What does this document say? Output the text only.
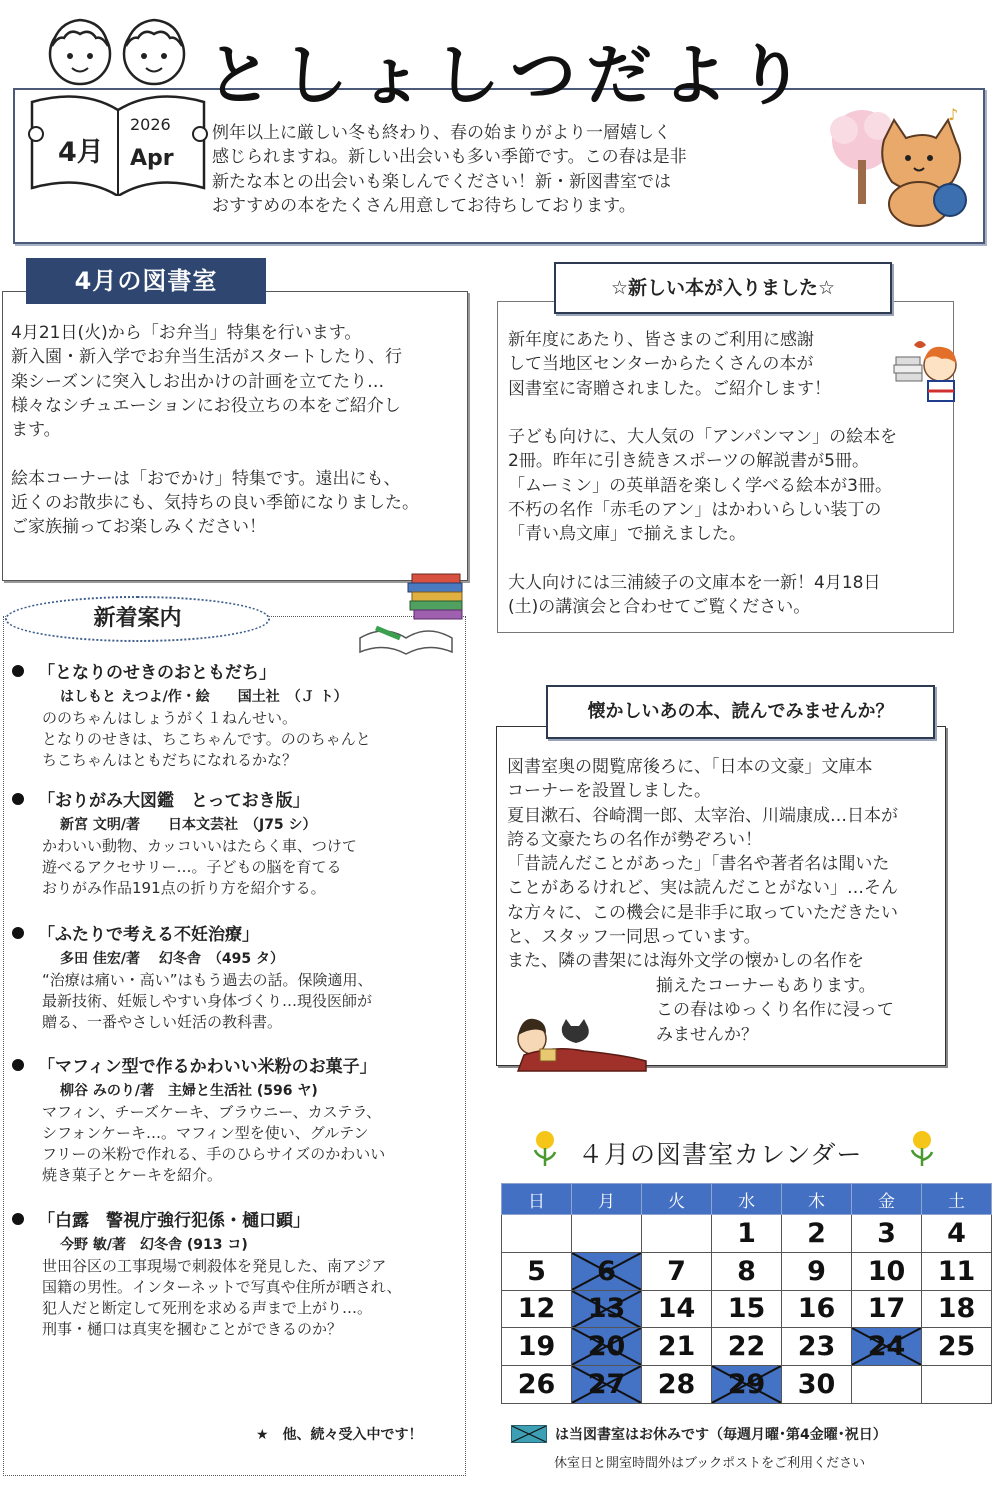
としょしつだより
4月
2026
Apr
例年以上に厳しい冬も終わり、春の始まりがより一層嬉しく
感じられますね。新しい出会いも多い季節です。この春は是非
新たな本との出会いも楽しんでください！新・新図書室では
おすすめの本をたくさん用意してお待ちしております。
♪
4月の図書室
4月21日(火)から「お弁当」特集を行います。
新入園・新入学でお弁当生活がスタートしたり、行
楽シーズンに突入しお出かけの計画を立てたり…
様々なシチュエーションにお役立ちの本をご紹介し
ます。

絵本コーナーは「おでかけ」特集です。遠出にも、
近くのお散歩にも、気持ちの良い季節になりました。
ご家族揃ってお楽しみください！
☆新しい本が入りました☆
新年度にあたり、皆さまのご利用に感謝
して当地区センターからたくさんの本が
図書室に寄贈されました。ご紹介します！

子ども向けに、大人気の「アンパンマン」の絵本を
2冊。昨年に引き続きスポーツの解説書が5冊。
「ムーミン」の英単語を楽しく学べる絵本が3冊。
不朽の名作「赤毛のアン」はかわいらしい装丁の
「青い鳥文庫」で揃えました。

大人向けには三浦綾子の文庫本を一新！4月18日
(土)の講演会と合わせてご覧ください。
懐かしいあの本、読んでみませんか？
図書室奥の閲覧席後ろに、「日本の文豪」文庫本
コーナーを設置しました。
夏目漱石、谷崎潤一郎、太宰治、川端康成…日本が
誇る文豪たちの名作が勢ぞろい！
「昔読んだことがあった」「書名や著者名は聞いた
ことがあるけれど、実は読んだことがない」…そん
な方々に、この機会に是非手に取っていただきたい
と、スタッフ一同思っています。
また、隣の書架には海外文学の懐かしの名作を
揃えたコーナーもあります。
この春はゆっくり名作に浸って
みませんか？
新着案内
「となりのせきのおともだち」
はしもと えつよ/作・絵　　国土社　（Ｊ ト）
ののちゃんはしょうがく１ねんせい。
となりのせきは、ちこちゃんです。ののちゃんと
ちこちゃんはともだちになれるかな？
「おりがみ大図鑑　とっておき版」
新宮 文明/著　　日本文芸社　（J75 シ）
かわいい動物、カッコいいはたらく車、つけて
遊べるアクセサリー…。子どもの脳を育てる
おりがみ作品191点の折り方を紹介する。
「ふたりで考える不妊治療」
多田 佳宏/著　 幻冬舎　（495 タ）
“治療は痛い・高い”はもう過去の話。保険適用、
最新技術、妊娠しやすい身体づくり…現役医師が
贈る、一番やさしい妊活の教科書。
「マフィン型で作るかわいい米粉のお菓子」
柳谷 みのり/著　主婦と生活社 (596 ヤ)
マフィン、チーズケーキ、ブラウニー、カステラ、
シフォンケーキ…。マフィン型を使い、グルテン
フリーの米粉で作れる、手のひらサイズのかわいい
焼き菓子とケーキを紹介。
「白露　警視庁強行犯係・樋口顕」
今野 敏/著　幻冬舎 (913 コ)
世田谷区の工事現場で刺殺体を発見した、南アジア
国籍の男性。インターネットで写真や住所が晒され、
犯人だと断定して死刑を求める声まで上がり…。
刑事・樋口は真実を摑むことができるのか？
★　他、続々受入中です！
４月の図書室カレンダー
日	月	火	水	木	金	土
			1	2	3	4
5	6	7	8	9	10	11
12	13	14	15	16	17	18
19	20	21	22	23	24	25
26	27	28	29	30		
は当図書室はお休みです（毎週月曜･第4金曜･祝日）
休室日と開室時間外はブックポストをご利用ください
